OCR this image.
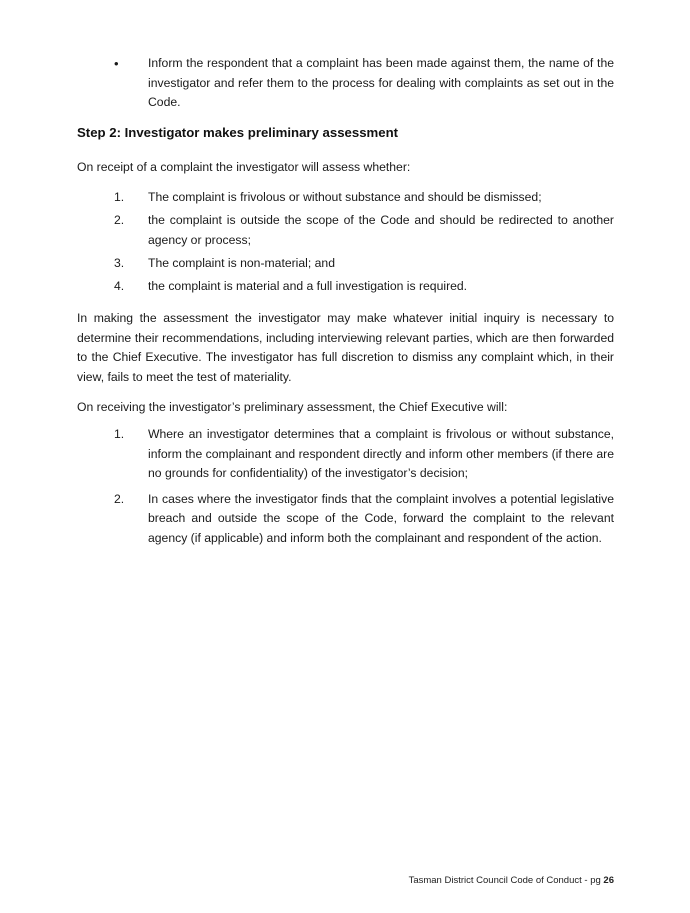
• Inform the respondent that a complaint has been made against them, the name of the investigator and refer them to the process for dealing with complaints as set out in the Code.
Step 2: Investigator makes preliminary assessment
On receipt of a complaint the investigator will assess whether:
1. The complaint is frivolous or without substance and should be dismissed;
2. the complaint is outside the scope of the Code and should be redirected to another agency or process;
3. The complaint is non-material; and
4. the complaint is material and a full investigation is required.
In making the assessment the investigator may make whatever initial inquiry is necessary to determine their recommendations, including interviewing relevant parties, which are then forwarded to the Chief Executive. The investigator has full discretion to dismiss any complaint which, in their view, fails to meet the test of materiality.
On receiving the investigator’s preliminary assessment, the Chief Executive will:
1. Where an investigator determines that a complaint is frivolous or without substance, inform the complainant and respondent directly and inform other members (if there are no grounds for confidentiality) of the investigator’s decision;
2. In cases where the investigator finds that the complaint involves a potential legislative breach and outside the scope of the Code, forward the complaint to the relevant agency (if applicable) and inform both the complainant and respondent of the action.
Tasman District Council Code of Conduct - pg 26
